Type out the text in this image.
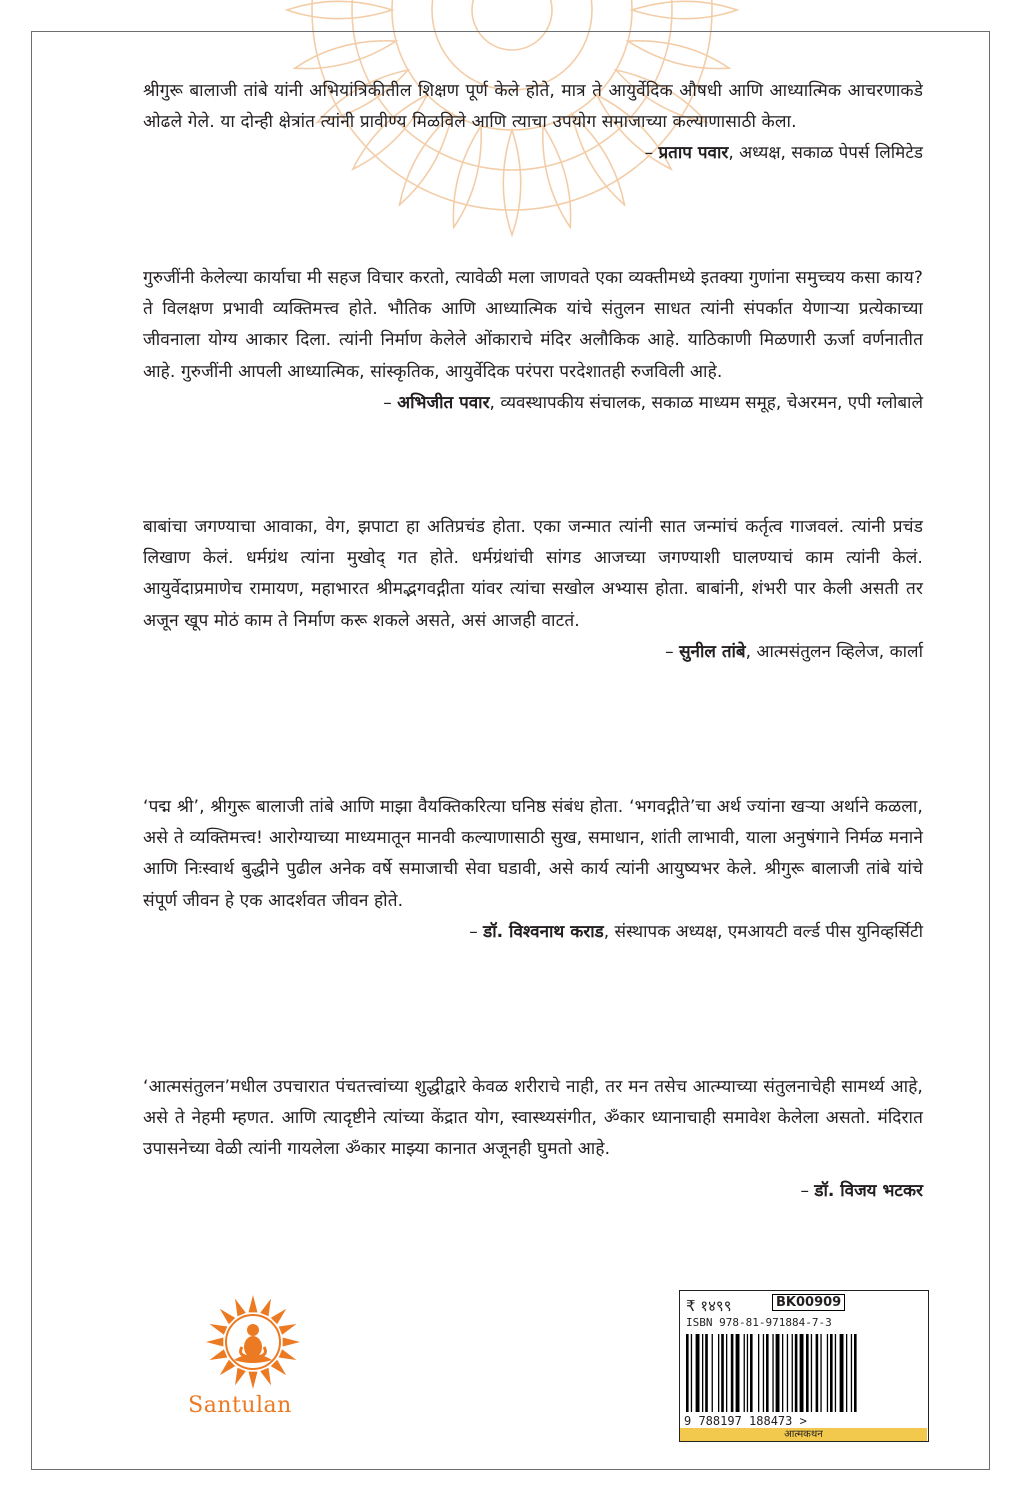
श्रीगुरू बालाजी तांबे यांनी अभियांत्रिकीतील शिक्षण पूर्ण केले होते, मात्र ते आयुर्वेदिक औषधी आणि आध्यात्मिक आचरणाकडे ओढले गेले. या दोन्ही क्षेत्रांत त्यांनी प्रावीण्य मिळविले आणि त्याचा उपयोग समाजाच्या कल्याणासाठी केला.
– प्रताप पवार, अध्यक्ष, सकाळ पेपर्स लिमिटेड
गुरुजींनी केलेल्या कार्याचा मी सहज विचार करतो, त्यावेळी मला जाणवते एका व्यक्तीमध्ये इतक्या गुणांना समुच्चय कसा काय? ते विलक्षण प्रभावी व्यक्तिमत्त्व होते. भौतिक आणि आध्यात्मिक यांचे संतुलन साधत त्यांनी संपर्कात येणाऱ्या प्रत्येकाच्या जीवनाला योग्य आकार दिला. त्यांनी निर्माण केलेले ओंकाराचे मंदिर अलौकिक आहे. याठिकाणी मिळणारी ऊर्जा वर्णनातीत आहे. गुरुजींनी आपली आध्यात्मिक, सांस्कृतिक, आयुर्वेदिक परंपरा परदेशातही रुजविली आहे.
– अभिजीत पवार, व्यवस्थापकीय संचालक, सकाळ माध्यम समूह, चेअरमन, एपी ग्लोबाले
बाबांचा जगण्याचा आवाका, वेग, झपाटा हा अतिप्रचंड होता. एका जन्मात त्यांनी सात जन्मांचं कर्तृत्व गाजवलं. त्यांनी प्रचंड लिखाण केलं. धर्मग्रंथ त्यांना मुखोद् गत होते. धर्मग्रंथांची सांगड आजच्या जगण्याशी घालण्याचं काम त्यांनी केलं. आयुर्वेदाप्रमाणेच रामायण, महाभारत श्रीमद्भगवद्गीता यांवर त्यांचा सखोल अभ्यास होता. बाबांनी, शंभरी पार केली असती तर अजून खूप मोठं काम ते निर्माण करू शकले असते, असं आजही वाटतं.
– सुनील तांबे, आत्मसंतुलन व्हिलेज, कार्ला
‘पद्म श्री’, श्रीगुरू बालाजी तांबे आणि माझा वैयक्तिकरित्या घनिष्ठ संबंध होता. ‘भगवद्गीते’चा अर्थ ज्यांना खऱ्या अर्थाने कळला, असे ते व्यक्तिमत्त्व! आरोग्याच्या माध्यमातून मानवी कल्याणासाठी सुख, समाधान, शांती लाभावी, याला अनुषंगाने निर्मळ मनाने आणि निःस्वार्थ बुद्धीने पुढील अनेक वर्षे समाजाची सेवा घडावी, असे कार्य त्यांनी आयुष्यभर केले. श्रीगुरू बालाजी तांबे यांचे संपूर्ण जीवन हे एक आदर्शवत जीवन होते.
– डॉ. विश्वनाथ कराड, संस्थापक अध्यक्ष, एमआयटी वर्ल्ड पीस युनिव्हर्सिटी
‘आत्मसंतुलन’मधील उपचारात पंचतत्त्वांच्या शुद्धीद्वारे केवळ शरीराचे नाही, तर मन तसेच आत्म्याच्या संतुलनाचेही सामर्थ्य आहे, असे ते नेहमी म्हणत. आणि त्यादृष्टीने त्यांच्या केंद्रात योग, स्वास्थ्यसंगीत, ॐकार ध्यानाचाही समावेश केलेला असतो. मंदिरात उपासनेच्या वेळी त्यांनी गायलेला ॐकार माझ्या कानात अजूनही घुमतो आहे.
– डॉ. विजय भटकर
Santulan
₹ १४९९	BK00909
ISBN 978-81-971884-7-3
9 788197 188473 >
आत्मकथन
